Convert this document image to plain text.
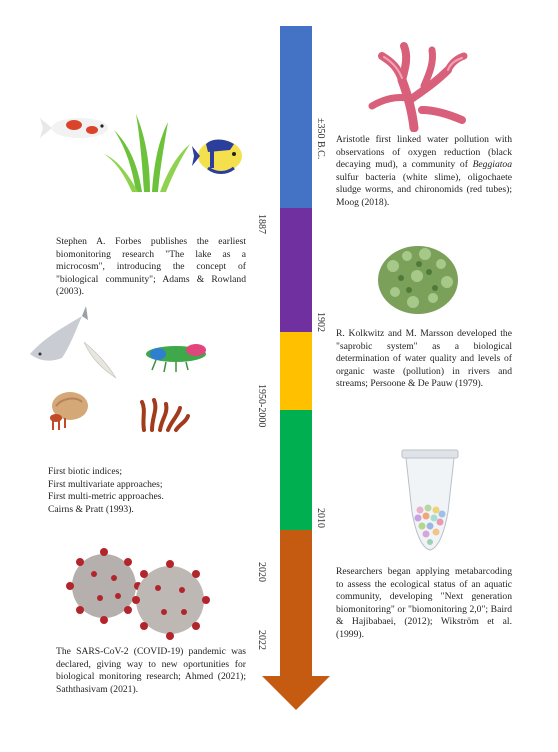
±350 B.C.
1887
1902
1950-2000
2010
2020
2022
Aristotle first linked water pollution with observations of oxygen reduction (black decaying mud), a community of Beggiatoa sulfur bacteria (white slime), oligochaete sludge worms, and chironomids (red tubes); Moog (2018).
Stephen A. Forbes publishes the earliest biomonitoring research "The lake as a microcosm", introducing the concept of "biological community"; Adams & Rowland (2003).
R. Kolkwitz and M. Marsson developed the "saprobic system" as a biological determination of water quality and levels of organic waste (pollution) in rivers and streams; Persoone & De Pauw (1979).
First biotic indices;
First multivariate approaches;
First multi-metric approaches.
Cairns & Pratt (1993).
Researchers began applying metabarcoding to assess the ecological status of an aquatic community, developing "Next generation biomonitoring" or "biomonitoring 2,0"; Baird & Hajibabaei, (2012); Wikström et al. (1999).
The SARS-CoV-2 (COVID-19) pandemic was declared, giving way to new oportunities for biological monitoring research; Ahmed (2021); Saththasivam (2021).
